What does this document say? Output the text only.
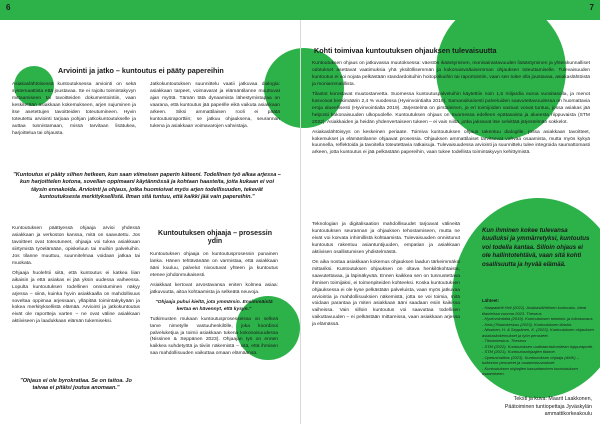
6	7
Arviointi ja jatko – kuntoutus ei pääty papereihin

Asiakaslähtöisessä kuntoutuksessa arviointi on sekä systemaattista että joustavaa. Se ei rajoitu toimintakyvyn mittaamiseen tai tavoitteiden dokumentointiin, vaan keskitetään asiakkaan kokemukseen, arjen sujuminen ja itse asetettujen tavoitteiden toteutumineen. Hyvin toteutettu arviointi tarjoaa pohjan jatkokuntoutukselle ja auttaa tunnistamaan, missä tarvitaan lisätukea, harjoittelua tai ohjausta.

Jatkokuntoutuksen suunnittelu vaatii jatkuvaa dialogia: asiakkaan tarpeet, voimavarat ja elämäntilanne muuttuvat ajan myötä. Tämän tätä dynaamista lähestymistapaa on vaarana, että kuntoutus jää paperille eikä vaikuta asiakkaan arkeen. Siksi ammattilaisen rooli ei päätä kuntoutusraporttiin; se jatkuu ohjauksena, seurannan tukena ja asiakkaan voimavarojen vahvistaja.

"Kuntoutus ei pääty siihen hetkeen, kun saan viimeisen paperin käteeni. Todellinen työ alkaa arjessa – kun harjoittelen kotona, sovellan oppimaani käytännössä ja kohtaan haasteita, joita kukaan ei voi täysin ennakoida. Arviointi ja ohjaus, jotka huomioivat myös arjen todellisuuden, tekevät kuntoutuksesta merkityksellistä. Ilman sitä tuntuu, että kaikki jää vain papereihin."

Kuntoutuksen päättyessä ohjaaja arvioi yhdessä asiakkaan ja verkoston kanssa, mitä on saavutettu. Jos tavoitteet ovat toteutuneet, ohjaaja voi tukea asiakkaan siirtymistä työelämään, opiskeluun tai muihin palveluihin. Jos tilanne muuttuu, suunnitelmaa voidaan jatkaa tai muokata.

Ohjaaja huolehtii siitä, että kuntoutus ei katkea liian aikaisin ja että asiakas ei jää yksin uudessa vaiheessa. Lopulta kuntoutuksen todellinen onnistuminen näkyy arjessa – siinä, kuinka hyvin asiakkaalla on mahdollisuus soveltaa oppimaa arjessaan, ylläpitää toimintakykyään ja kokea merkityksellistä elämää. Arviointi ja jatkokuntoutus eivät ole raportteja varten – ne ovat väline asiakkaan aktiiviseen ja laadukkaan elämän tukemiseksi.

"Ohjaus ei ole byrokratiaa. Se on taitoa. Jo taivaa ei pitäisi joutua anomaan."
Kuntoutuksen ohjaaja – prosessin ydin

Kuntoutuksen ohjaaja on kuntoutusprosessin punainen lanka. Hänen tehtävänään on varmistaa, että asiakkaan ääni kuuluu, palvelut nivoutuvat yhteen ja kuntoutus etenee johdonmukaisesti.

Asiakkaat kertovat arvostavansa eniten kolmea asiaa: jatkuvuutta, aitoa kohtaamista ja selkeätä neuvoja.

"Ohjaaja puhui kieltä, jota ymmärsin. Ensimmäistä kertaa en hävennyt, että kysyn."

Tutkimusten mukaan kuntoutusprosesseissa on selkeä tarve nimetylle vastuuhenkilölle, joka koordinoi palveluketjua ja toimii asiakkaan tukena kokonaisuudessa (Nissinen & Seppänen 2023). Ohjaajan työ on ennen kaikkea suhdetyötä ja tiiviin näkemistä – sitä, että ihmisen saa mahdollisuuden vaikuttaa omaan elämäänsä.

Kohti toimivaa kuntoutuksen ohjauksen tulevaisuutta

Kuntoutuksen ohjaus on jatkuvassa muutoksessa: väestön ikääntyminen, monisairastavuuden lisääntyminen ja yhteiskunnalliset odotukset asettavat vaatimuksia yhä yksilöllisemmän ja kokonaisvaltaisemman ohjauksen toteuttamiselle. Tulevaisuuden kuntoutus ei voi nojata pelkästään standardoituihin hoitopolkuihin tai raportointiin, vaan sen tulee olla joustavaa, asiakaslähtöistä ja moniammatillista.

Tilastot korostavat muutostarvetta. Suomessa kuntoutuspalveluihin käytettiin noin 1,5 miljardia euroa vuositasolla, ja menot kasvoivat keskimäärin 2,4 % vuodessa (Hyvinvointialta 2019). Samanaikaisesti palveluiden saavutettavuudessa on huomattavia eroja alueellisesti (Hyvinvointialta 2019). Järjestelmä on pirstaleinen, ja eri toimijoiden vastuut voivat tuntua, jossa asiakas jää helposti kokonaisuuden ulkopuolelle. Kuntoutuksen ohjaus on Suomessa edelleen epätasaista ja alueesta riippuvaista (STM 2022). Asiakkaiden ja heidän yhdenvertaiseen tukeen – ei vain niiltä, jotka jaksavat itse selvittää järjestelmän sokkelot.

Asiakaslähtöisyys on keskeinen periaate. Toimiva kuntoutuksen ohjaus rakentuu dialogille, jossa asiakkaan tavoitteet, kokemukset ja elämäntilanne ohjaavat prosessia. Ohjauksen ammattilaiset tarvitsevat vahvaa osaamista, mutta myös kykyä kuunnella, reflektoida ja tavoitella toteutettavia ratkaisuja. Tulevaisuudessa arviointi ja suunnittelu tulee integroida saumattomasti arkeen, jotta kuntoutus ei jää pelkästään papereihin, vaan tukee todellista toimintakyvyn kehittymistä.

Teknologian ja digitalisaation mahdollisuudet tarjoavat välineitä kuntoutuksen seurannan ja ohjauksen tehostamiseen, mutta ne eivät voi korvata inhimillistä kohtaamista. Tulevaisuuden onnistunut kuntoutus rakentuu asiantuntijuuden, empatian ja asiakkaan aktiivisen osallistumisen yhdistelmästä.

On aika nostaa asiakkaan kokemus ohjauksen laadun tärkeimmäksi mittariksi. Kuntoutuksen ohjauksen on oltava henkilökohtaista, saavutettavaa, ja läpinäkyvää. Ennen kaikkea sen on tunnustettava ihmisen toimijaksi, ei toimenpiteiden kohteeksi. Koska kuntoutuksen ohjauksessa ei ole kyse pelkästään palveluista, vaan myös jatkuvaa arviointia ja mahdollisuuksien näkemistä, jotta se voi toimia, mitä voidaan parantaa ja miten asiakkaan ääni saadaan esiin kaikissa vaiheissa. Vain silloin kuntoutus voi saavuttaa todellisen vaikuttavuuden – ei pelkästään mittareissa, vaan asiakkaan arjessa ja elämässä.

Kun ihminen kokee tulevansa kuulluksi ja ymmärretyksi, kuntoutus voi todella kantaa. Silloin ohjaus ei ole hallintotehtävä, vaan sitä kohti osallisuutta ja hyvää elämää.
Lähteet:
- Haapalahti Heli (2021). Asiakaslähtöinen kuntoutus. Ideat tilanteissa vuonna 2023. Theseus
- Hyvinvointialta (2019). Kuntoutuksen toiminta- ja tuloskuvaus.
- Kela (Tilastokeskus (2023). Kuntoutuksen tilastot.
- Nissinen, H. & Seppänen, K. (2023). Kuntoutuksen ohjauksen asiakaskokemukset ja työn perusteet.
- Tilastokeskus, Theseus
- STM (2022). Kuntoutuksen uudistamiskomitean loppuraportti.
- STM (2021). Kuntoutusohjaajien tilanne.
- Opetushallitus (2023). Kuntoutuksen ohjaaja (AMK) – tutkinnon perusteet ja osaamiskuvaukset.
- Kuntoutuksen ohjaajien kasvattaminen kuntoutuksen osaamiseen.
Teksti ja kuva: Maarit Laakkonen,
Päätoiminen tuntiopettaja Jyväskylän
ammattikorkeakoulu
